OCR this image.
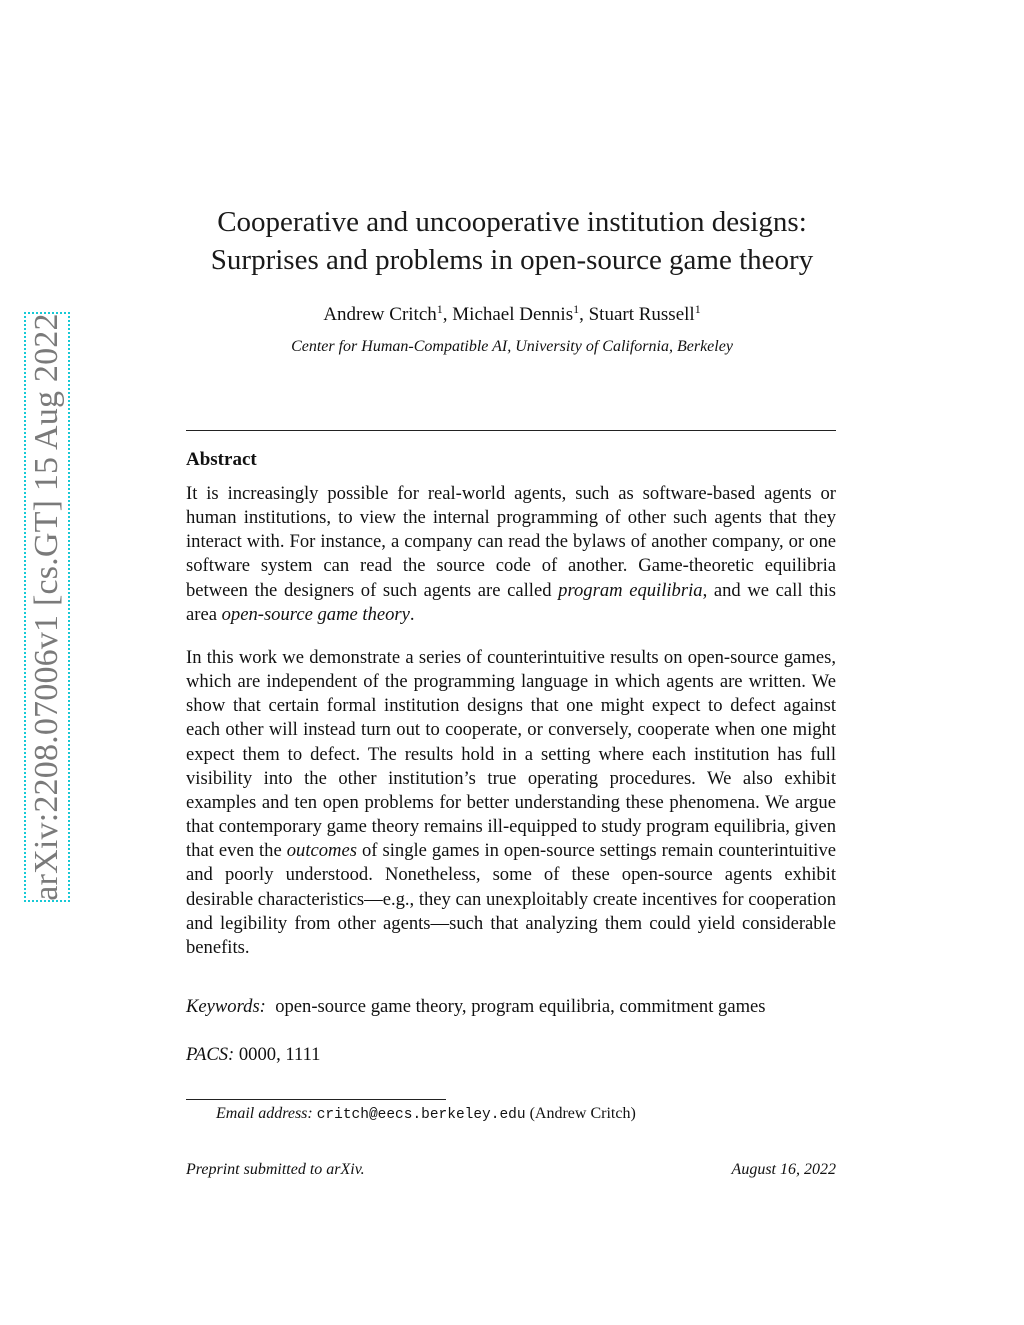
arXiv:2208.07006v1 [cs.GT] 15 Aug 2022
Cooperative and uncooperative institution designs:
Surprises and problems in open-source game theory
Andrew Critch$^1$, Michael Dennis$^1$, Stuart Russell$^1$
Center for Human-Compatible AI, University of California, Berkeley
Abstract

It is increasingly possible for real-world agents, such as software-based agents or human institutions, to view the internal programming of other such agents that they interact with. For instance, a company can read the bylaws of another company, or one software system can read the source code of another. Game-theoretic equilibria between the designers of such agents are called program equilibria, and we call this area open-source game theory.

In this work we demonstrate a series of counterintuitive results on open-source games, which are independent of the programming language in which agents are written. We show that certain formal institution designs that one might expect to defect against each other will instead turn out to cooperate, or conversely, cooperate when one might expect them to defect. The results hold in a setting where each institution has full visibility into the other institution’s true operating procedures. We also exhibit examples and ten open problems for better understanding these phenomena. We argue that contemporary game theory remains ill-equipped to study program equilibria, given that even the outcomes of single games in open-source settings remain counterintuitive and poorly understood. Nonetheless, some of these open-source agents exhibit desirable characteristics—e.g., they can unexploitably create incentives for cooperation and legibility from other agents—such that analyzing them could yield considerable benefits.

Keywords: open-source game theory, program equilibria, commitment games
PACS: 0000, 1111
Email address: critch@eecs.berkeley.edu (Andrew Critch)
Preprint submitted to arXiv.	August 16, 2022
